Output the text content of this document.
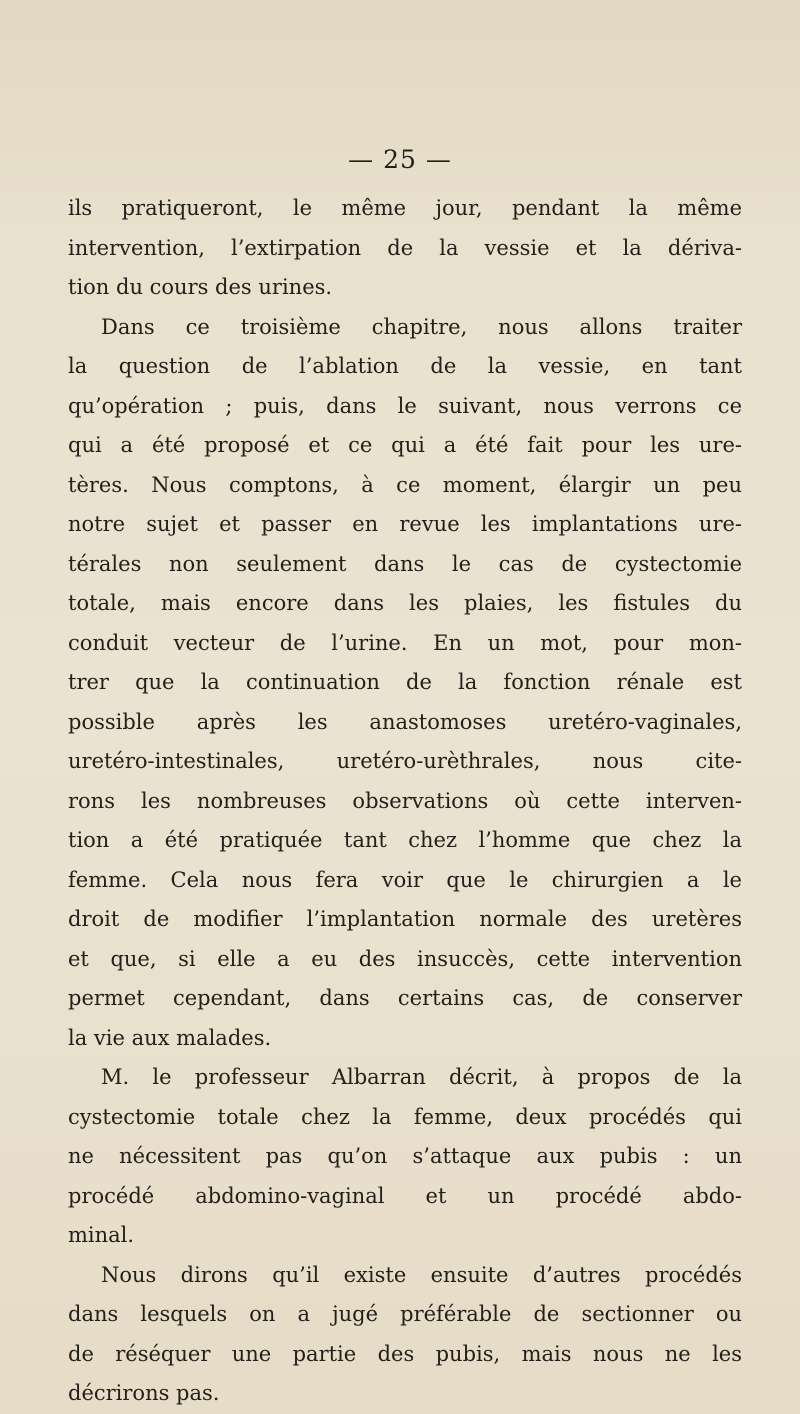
— 25 —
ils pratiqueront, le même jour, pendant la même
intervention, l’extirpation de la vessie et la dériva-
tion du cours des urines.
Dans ce troisième chapitre, nous allons traiter
la question de l’ablation de la vessie, en tant
qu’opération ; puis, dans le suivant, nous verrons ce
qui a été proposé et ce qui a été fait pour les ure-
tères. Nous comptons, à ce moment, élargir un peu
notre sujet et passer en revue les implantations ure-
térales non seulement dans le cas de cystectomie
totale, mais encore dans les plaies, les fistules du
conduit vecteur de l’urine. En un mot, pour mon-
trer que la continuation de la fonction rénale est
possible après les anastomoses uretéro-vaginales,
uretéro-intestinales, uretéro-urèthrales, nous cite-
rons les nombreuses observations où cette interven-
tion a été pratiquée tant chez l’homme que chez la
femme. Cela nous fera voir que le chirurgien a le
droit de modifier l’implantation normale des uretères
et que, si elle a eu des insuccès, cette intervention
permet cependant, dans certains cas, de conserver
la vie aux malades.
M. le professeur Albarran décrit, à propos de la
cystectomie totale chez la femme, deux procédés qui
ne nécessitent pas qu’on s’attaque aux pubis : un
procédé abdomino-vaginal et un procédé abdo-
minal.
Nous dirons qu’il existe ensuite d’autres procédés
dans lesquels on a jugé préférable de sectionner ou
de réséquer une partie des pubis, mais nous ne les
décrirons pas.
